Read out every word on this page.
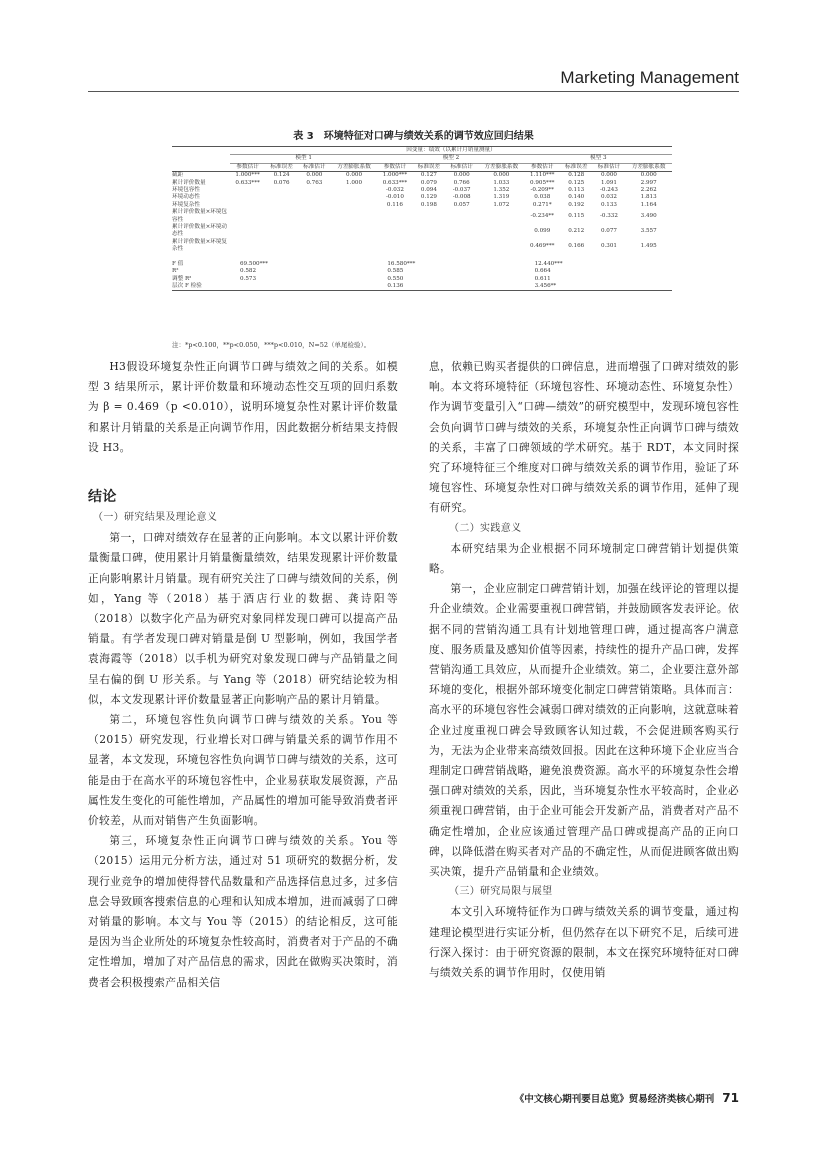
Marketing Management
表 3　环境特征对口碑与绩效关系的调节效应回归结果
	因变量：绩效（以累计月销量测量）											
	模型 1				模型 2				模型 3			
	参数估计	标准误差	标准估计	方差膨胀系数	参数估计	标准误差	标准估计	方差膨胀系数	参数估计	标准误差	标准估计	方差膨胀系数
截距	1.000***	0.124	0.000	0.000	1.000***	0.127	0.000	0.000	1.110***	0.128	0.000	0.000
累计评价数量	0.633***	0.076	0.763	1.000	0.633***	0.079	0.766	1.033	0.905***	0.125	1.091	2.997
环境包容性					-0.032	0.094	-0.037	1.352	-0.209**	0.113	-0.243	2.262
环境动态性					-0.010	0.129	-0.008	1.319	0.038	0.140	0.032	1.813
环境复杂性					0.116	0.198	0.057	1.072	0.271*	0.192	0.133	1.164
累计评价数量×环境包容性									-0.234**	0.115	-0.332	3.490
累计评价数量×环境动态性									0.099	0.212	0.077	3.557
累计评价数量×环境复杂性									0.469***	0.166	0.301	1.495

F 值	69.500***				16.580***				12.440***			
R²	0.582				0.585				0.664			
调整 R²	0.573				0.550				0.611			
层次 F 检验					0.136				3.456**			
注：*p<0.100，**p<0.050，***p<0.010，N=52（单尾检验）。

H3假设环境复杂性正向调节口碑与绩效之间的关系。如模型 3 结果所示，累计评价数量和环境动态性交互项的回归系数为 β = 0.469（p <0.010），说明环境复杂性对累计评价数量和累计月销量的关系是正向调节作用，因此数据分析结果支持假设 H3。

结论

（一）研究结果及理论意义

第一，口碑对绩效存在显著的正向影响。本文以累计评价数量衡量口碑，使用累计月销量衡量绩效，结果发现累计评价数量正向影响累计月销量。现有研究关注了口碑与绩效间的关系，例如，Yang 等（2018）基于酒店行业的数据、龚诗阳等（2018）以数字化产品为研究对象同样发现口碑可以提高产品销量。有学者发现口碑对销量是倒 U 型影响，例如，我国学者袁海霞等（2018）以手机为研究对象发现口碑与产品销量之间呈右偏的倒 U 形关系。与 Yang 等（2018）研究结论较为相似，本文发现累计评价数量显著正向影响产品的累计月销量。

第二，环境包容性负向调节口碑与绩效的关系。You 等（2015）研究发现，行业增长对口碑与销量关系的调节作用不显著，本文发现，环境包容性负向调节口碑与绩效的关系，这可能是由于在高水平的环境包容性中，企业易获取发展资源，产品属性发生变化的可能性增加，产品属性的增加可能导致消费者评价较差，从而对销售产生负面影响。

第三，环境复杂性正向调节口碑与绩效的关系。You 等（2015）运用元分析方法，通过对 51 项研究的数据分析，发现行业竞争的增加使得替代品数量和产品选择信息过多，过多信息会导致顾客搜索信息的心理和认知成本增加，进而减弱了口碑对销量的影响。本文与 You 等（2015）的结论相反，这可能是因为当企业所处的环境复杂性较高时，消费者对于产品的不确定性增加，增加了对产品信息的需求，因此在做购买决策时，消费者会积极搜索产品相关信

息，依赖已购买者提供的口碑信息，进而增强了口碑对绩效的影响。本文将环境特征（环境包容性、环境动态性、环境复杂性）作为调节变量引入“口碑—绩效”的研究模型中，发现环境包容性会负向调节口碑与绩效的关系，环境复杂性正向调节口碑与绩效的关系，丰富了口碑领域的学术研究。基于 RDT，本文同时探究了环境特征三个维度对口碑与绩效关系的调节作用，验证了环境包容性、环境复杂性对口碑与绩效关系的调节作用，延伸了现有研究。

（二）实践意义

本研究结果为企业根据不同环境制定口碑营销计划提供策略。

第一，企业应制定口碑营销计划，加强在线评论的管理以提升企业绩效。企业需要重视口碑营销，并鼓励顾客发表评论。依据不同的营销沟通工具有计划地管理口碑，通过提高客户满意度、服务质量及感知价值等因素，持续性的提升产品口碑，发挥营销沟通工具效应，从而提升企业绩效。第二，企业要注意外部环境的变化，根据外部环境变化制定口碑营销策略。具体而言：高水平的环境包容性会减弱口碑对绩效的正向影响，这就意味着企业过度重视口碑会导致顾客认知过载，不会促进顾客购买行为，无法为企业带来高绩效回报。因此在这种环境下企业应当合理制定口碑营销战略，避免浪费资源。高水平的环境复杂性会增强口碑对绩效的关系，因此，当环境复杂性水平较高时，企业必须重视口碑营销，由于企业可能会开发新产品，消费者对产品不确定性增加，企业应该通过管理产品口碑或提高产品的正向口碑，以降低潜在购买者对产品的不确定性，从而促进顾客做出购买决策，提升产品销量和企业绩效。

（三）研究局限与展望

本文引入环境特征作为口碑与绩效关系的调节变量，通过构建理论模型进行实证分析，但仍然存在以下研究不足，后续可进行深入探讨：由于研究资源的限制，本文在探究环境特征对口碑与绩效关系的调节作用时，仅使用销

《中文核心期刊要目总览》贸易经济类核心期刊 71
